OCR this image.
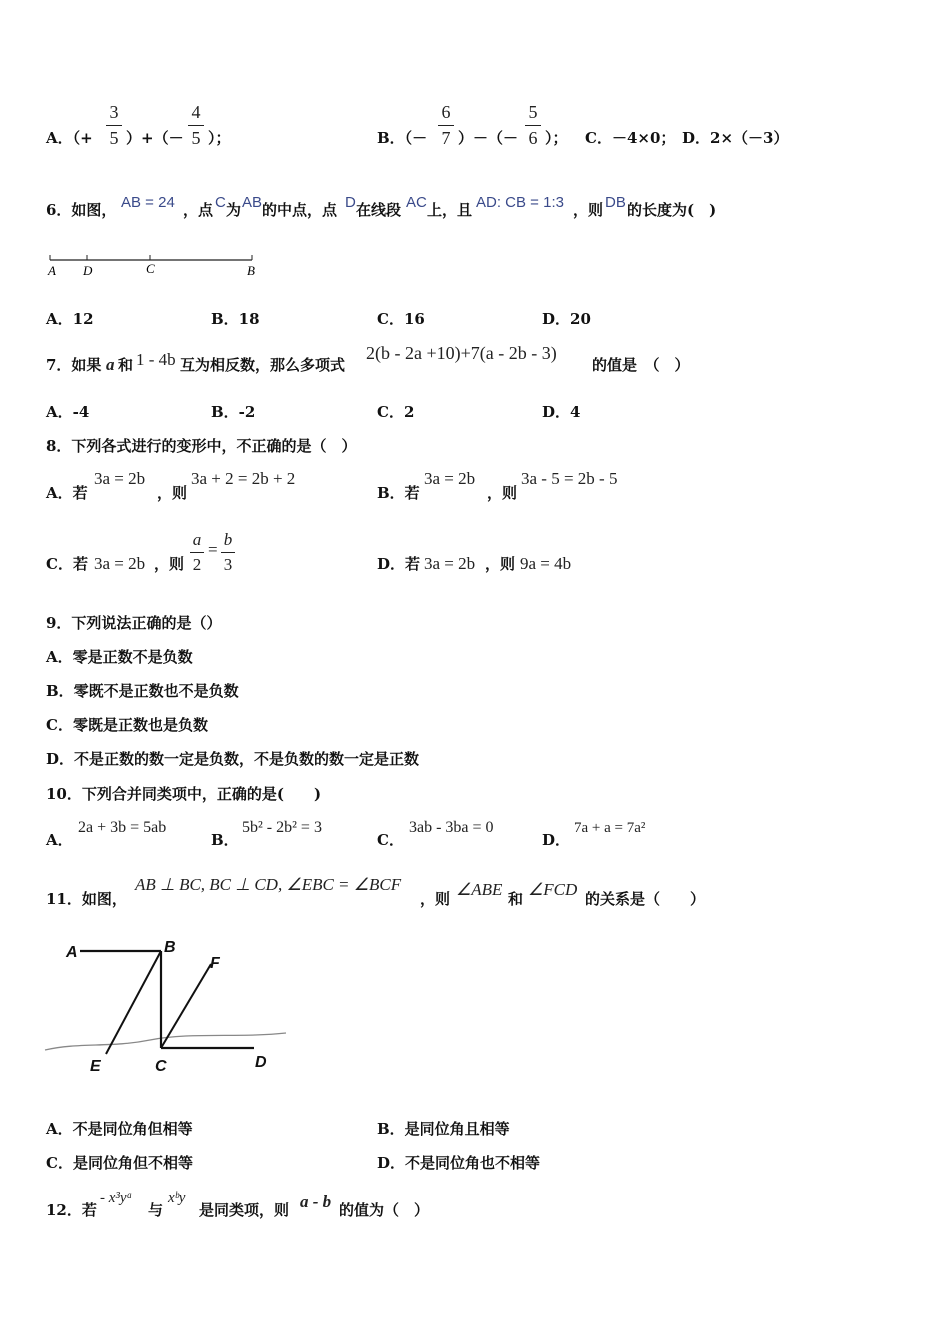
A．（+
3
5 ）+（－
4
5 ）；	B．（－
6
7 ）－（－
5
6 ）； C．－4×0； D．2×（－3）
6．如图， AB = 24 ，点 C 为 AB 的中点，点 D 在线段 AC 上，且 AD: CB = 1:3 ，则 DB 的长度为(　)
A D	C	B
A．12	B．18	C．16	D．20
7．如果 a 和 1 - 4b 互为相反数，那么多项式
2(b - 2a +10)+7(a - 2b - 3)
的值是　（　）
A．-4	B．-2	C．2	D．4
8．下列各式进行的变形中，不正确的是（　）
A．若
3a = 2b
，则
3a + 2 = 2b + 2
B．若
3a = 2b
，则
3a - 5 = 2b - 5
C．若 3a = 2b ，则
a
2
=
b
3	D．若 3a = 2b ，则 9a = 4b
9．下列说法正确的是（）
A．零是正数不是负数
B．零既不是正数也不是负数
C．零既是正数也是负数
D．不是正数的数一定是负数，不是负数的数一定是正数
10．下列合并同类项中，正确的是(　　)
A．
2a + 3b = 5ab
B．
5b² - 2b² = 3
C．
3ab - 3ba = 0
D．
7a + a = 7a²
11．如图，
AB ⊥ BC, BC ⊥ CD, ∠EBC = ∠BCF
，则 ∠ABE 和 ∠FCD 的关系是（　　）
A	B
F
E	C	D
A．不是同位角但相等	B．是同位角且相等
C．是同位角但不相等	D．不是同位角也不相等
12．若
- x³yᵃ
与
xᵇy
是同类项，则 a - b 的值为（　）
